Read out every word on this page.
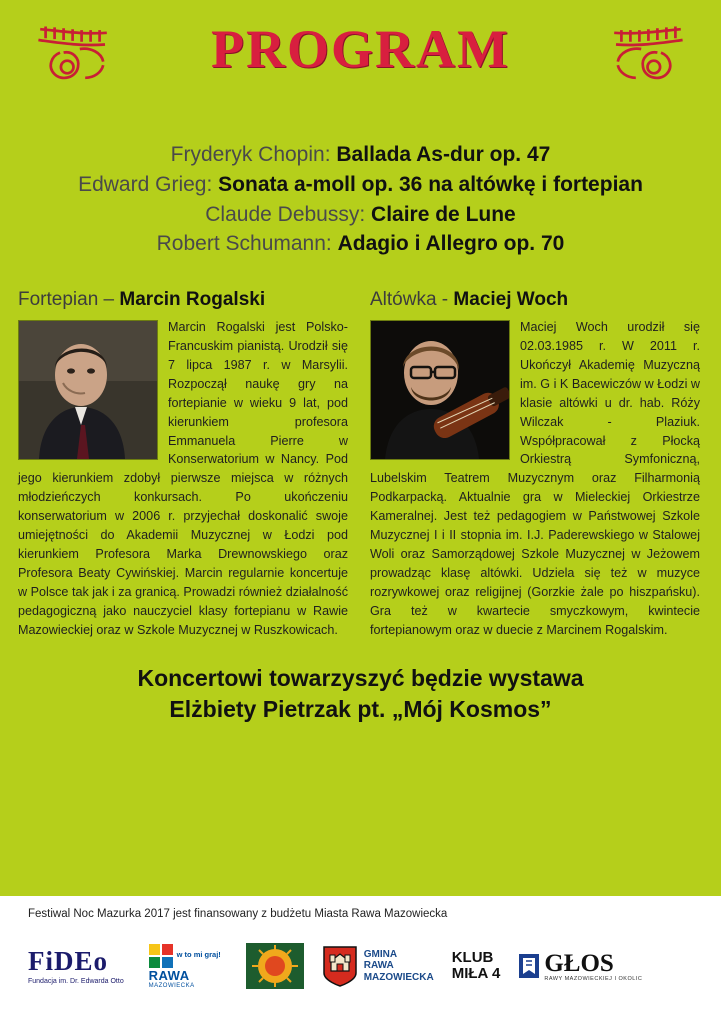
PROGRAM
Fryderyk Chopin: Ballada As-dur op. 47
Edward Grieg: Sonata a-moll op. 36 na altówkę i fortepian
Claude Debussy: Claire de Lune
Robert Schumann: Adagio i Allegro op. 70
Fortepian – Marcin Rogalski
Marcin Rogalski jest Polsko-Francuskim pianistą. Urodził się 7 lipca 1987 r. w Marsylii. Rozpoczął naukę gry na fortepianie w wieku 9 lat, pod kierunkiem profesora Emmanuela Pierre w Konserwatorium w Nancy. Pod jego kierunkiem zdobył pierwsze miejsca w różnych młodzieńczych konkursach. Po ukończeniu konserwatorium w 2006 r. przyjechał doskonalić swoje umiejętności do Akademii Muzycznej w Łodzi pod kierunkiem Profesora Marka Drewnowskiego oraz Profesora Beaty Cywińskiej. Marcin regularnie koncertuje w Polsce tak jak i za granicą. Prowadzi również działalność pedagogiczną jako nauczyciel klasy fortepianu w Rawie Mazowieckiej oraz w Szkole Muzycznej w Ruszkowicach.
Altówka - Maciej Woch
Maciej Woch urodził się 02.03.1985 r. W 2011 r. Ukończył Akademię Muzyczną im. G i K Bacewiczów w Łodzi w klasie altówki u dr. hab. Róży Wilczak - Plaziuk. Współpracował z Płocką Orkiestrą Symfoniczną, Lubelskim Teatrem Muzycznym oraz Filharmonią Podkarpacką. Aktualnie gra w Mieleckiej Orkiestrze Kameralnej. Jest też pedagogiem w Państwowej Szkole Muzycznej I i II stopnia im. I.J. Paderewskiego w Stalowej Woli oraz Samorządowej Szkole Muzycznej w Jeżowem prowadząc klasę altówki. Udziela się też w muzyce rozrywkowej oraz religijnej (Gorzkie żale po hiszpańsku). Gra też w kwartecie smyczkowym, kwintecie fortepianowym oraz w duecie z Marcinem Rogalskim.
Koncertowi towarzyszyć będzie wystawa
Elżbiety Pietrzak pt. „Mój Kosmos”
Festiwal Noc Mazurka 2017 jest finansowany z budżetu Miasta Rawa Mazowiecka
FiDEo
Fundacja im. Dr. Edwarda Otto
w to mi graj!
RAWA
MAZOWIECKA
GMINA
RAWA
MAZOWIECKA
KLUB
MIŁA 4 GŁOS
RAWY MAZOWIECKIEJ I OKOLIC
